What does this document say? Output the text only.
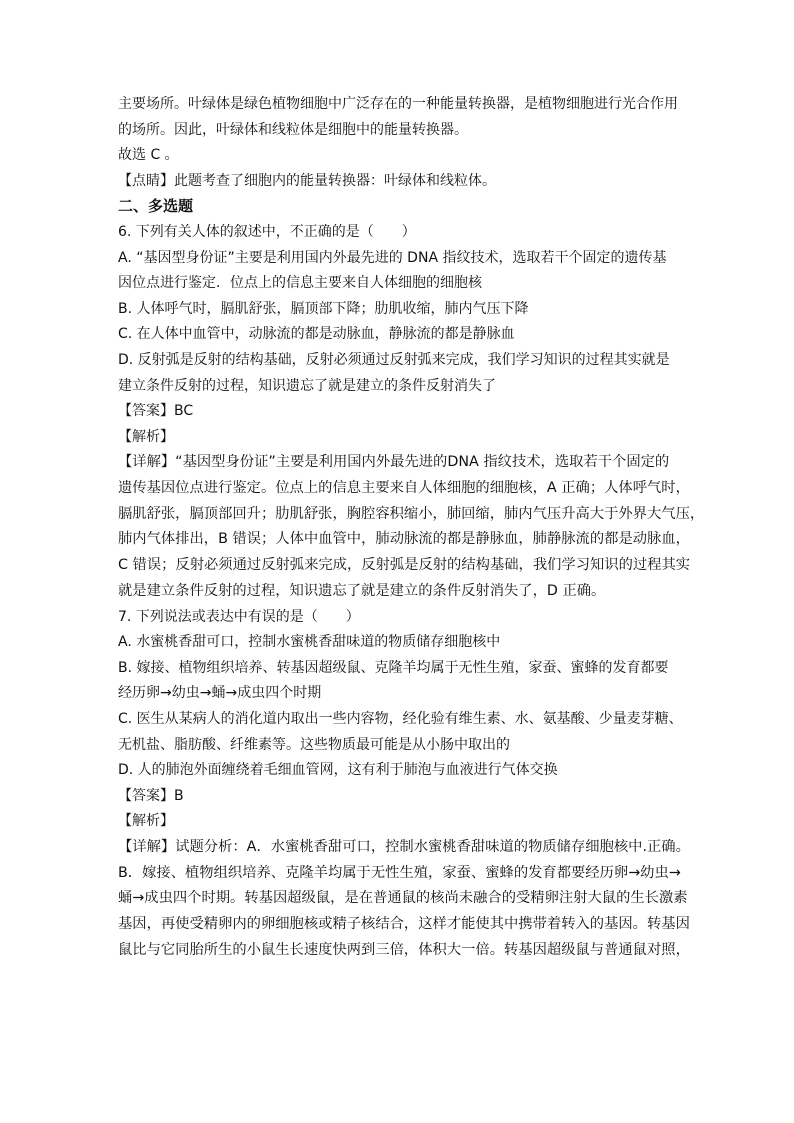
主要场所。叶绿体是绿色植物细胞中广泛存在的一种能量转换器，是植物细胞进行光合作用
的场所。因此，叶绿体和线粒体是细胞中的能量转换器。
故选 C 。
【点睛】此题考查了细胞内的能量转换器：叶绿体和线粒体。
二、多选题
6. 下列有关人体的叙述中，不正确的是（　　）
A. “基因型身份证”主要是利用国内外最先进的 DNA 指纹技术，选取若干个固定的遗传基
因位点进行鉴定．位点上的信息主要来自人体细胞的细胞核
B. 人体呼气时，膈肌舒张，膈顶部下降；肋肌收缩，肺内气压下降
C. 在人体中血管中，动脉流的都是动脉血，静脉流的都是静脉血
D. 反射弧是反射的结构基础，反射必须通过反射弧来完成，我们学习知识的过程其实就是
建立条件反射的过程，知识遗忘了就是建立的条件反射消失了
【答案】BC
【解析】
【详解】“基因型身份证”主要是利用国内外最先进的DNA 指纹技术，选取若干个固定的
遗传基因位点进行鉴定。位点上的信息主要来自人体细胞的细胞核，A 正确；人体呼气时，
膈肌舒张，膈顶部回升；肋肌舒张，胸腔容积缩小，肺回缩，肺内气压升高大于外界大气压，
肺内气体排出，B 错误；人体中血管中，肺动脉流的都是静脉血，肺静脉流的都是动脉血，
C 错误；反射必须通过反射弧来完成，反射弧是反射的结构基础，我们学习知识的过程其实
就是建立条件反射的过程，知识遗忘了就是建立的条件反射消失了，D 正确。
7. 下列说法或表达中有误的是（　　）
A. 水蜜桃香甜可口，控制水蜜桃香甜味道的物质储存细胞核中
B. 嫁接、植物组织培养、转基因超级鼠、克隆羊均属于无性生殖，家蚕、蜜蜂的发育都要
经历卵→幼虫→蛹→成虫四个时期
C. 医生从某病人的消化道内取出一些内容物，经化验有维生素、水、氨基酸、少量麦芽糖、
无机盐、脂肪酸、纤维素等。这些物质最可能是从小肠中取出的
D. 人的肺泡外面缠绕着毛细血管网，这有利于肺泡与血液进行气体交换
【答案】B
【解析】
【详解】试题分析：A．水蜜桃香甜可口，控制水蜜桃香甜味道的物质储存细胞核中.正确。
B．嫁接、植物组织培养、克隆羊均属于无性生殖，家蚕、蜜蜂的发育都要经历卵→幼虫→
蛹→成虫四个时期。转基因超级鼠，是在普通鼠的核尚未融合的受精卵注射大鼠的生长激素
基因，再使受精卵内的卵细胞核或精子核结合，这样才能使其中携带着转入的基因。转基因
鼠比与它同胎所生的小鼠生长速度快两到三倍，体积大一倍。转基因超级鼠与普通鼠对照，
